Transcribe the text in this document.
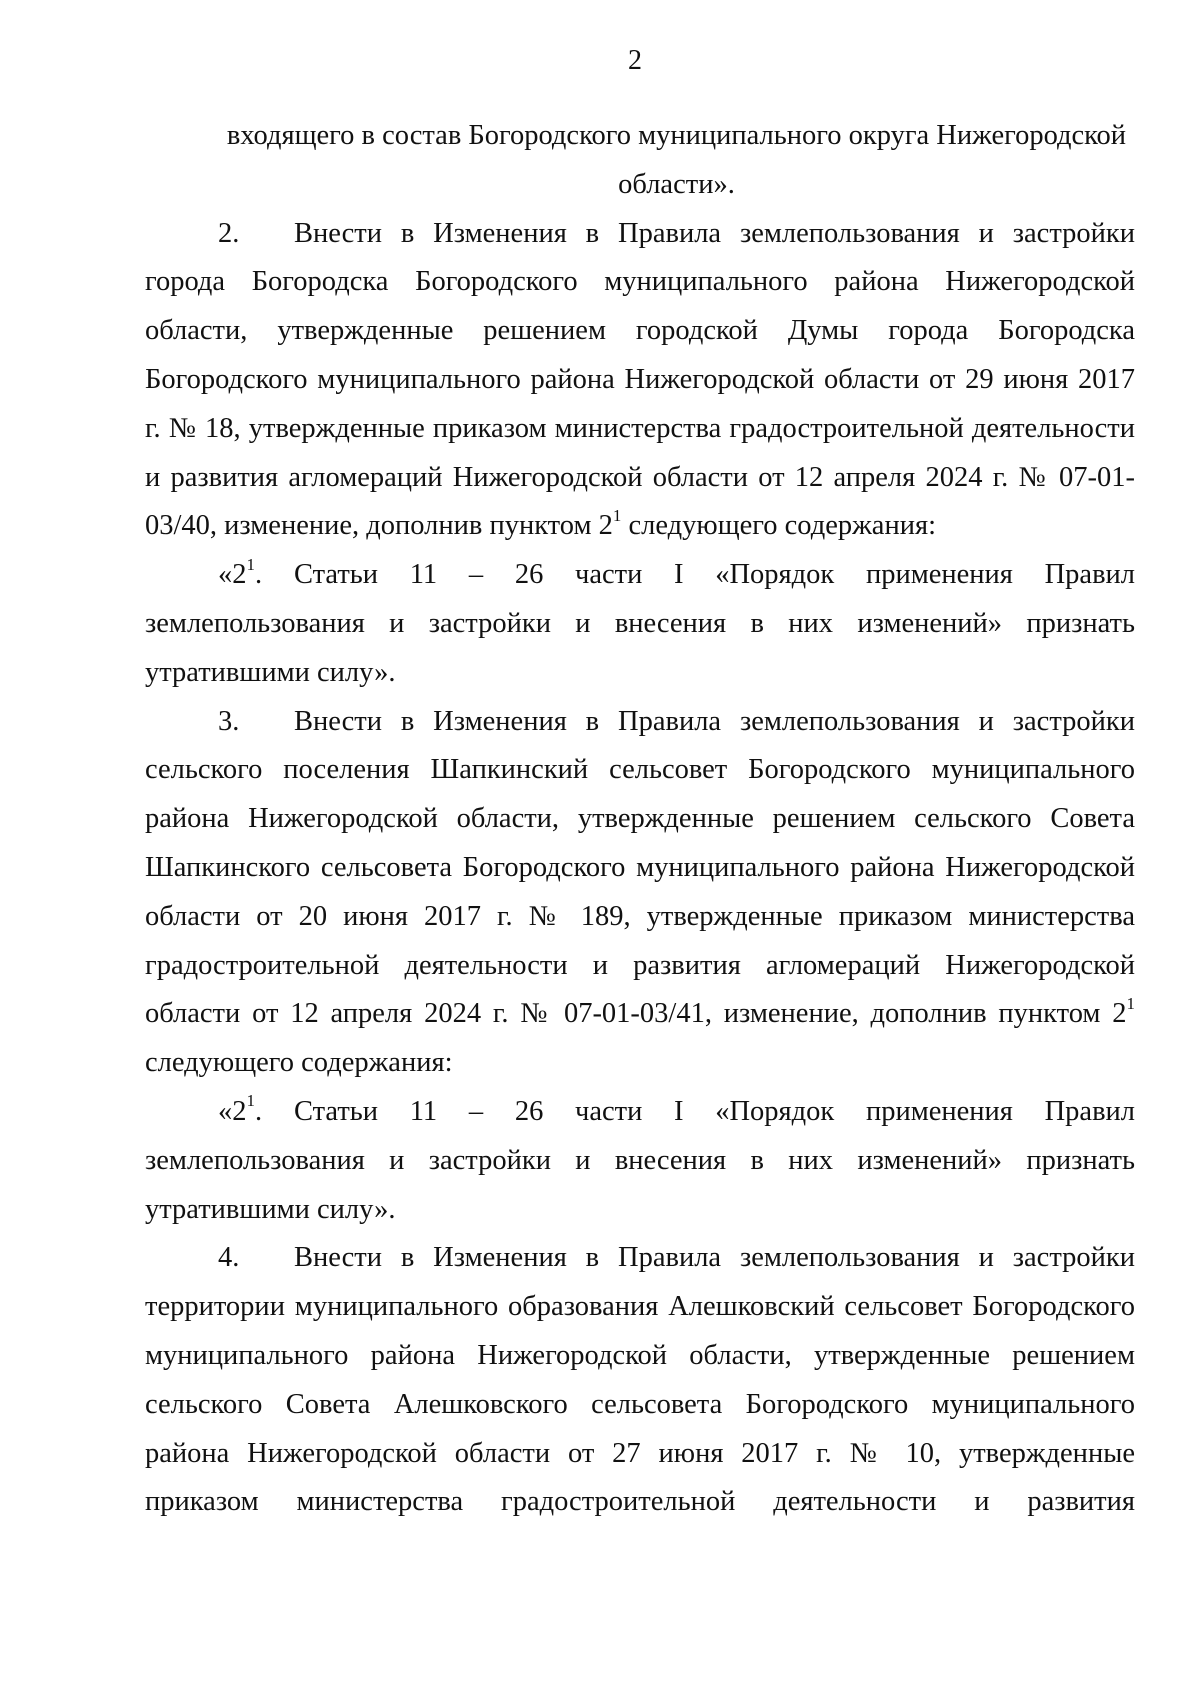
2

входящего в состав Богородского муниципального округа Нижегородской
области».

2. Внести в Изменения в Правила землепользования и застройки города Богородска Богородского муниципального района Нижегородской области, утвержденные решением городской Думы города Богородска Богородского муниципального района Нижегородской области от 29 июня 2017 г. № 18, утвержденные приказом министерства градостроительной деятельности и развития агломераций Нижегородской области от 12 апреля 2024 г. № 07-01-03/40, изменение, дополнив пунктом $2^1$ следующего содержания:

«$2^1$. Статьи 11 – 26 части I «Порядок применения Правил землепользования и застройки и внесения в них изменений» признать утратившими силу».

3. Внести в Изменения в Правила землепользования и застройки сельского поселения Шапкинский сельсовет Богородского муниципального района Нижегородской области, утвержденные решением сельского Совета Шапкинского сельсовета Богородского муниципального района Нижегородской области от 20 июня 2017 г. № 189, утвержденные приказом министерства градостроительной деятельности и развития агломераций Нижегородской области от 12 апреля 2024 г. № 07-01-03/41, изменение, дополнив пунктом $2^1$ следующего содержания:

«$2^1$. Статьи 11 – 26 части I «Порядок применения Правил землепользования и застройки и внесения в них изменений» признать утратившими силу».

4. Внести в Изменения в Правила землепользования и застройки территории муниципального образования Алешковский сельсовет Богородского муниципального района Нижегородской области, утвержденные решением сельского Совета Алешковского сельсовета Богородского муниципального района Нижегородской области от 27 июня 2017 г. № 10, утвержденные приказом министерства градостроительной деятельности и развития
